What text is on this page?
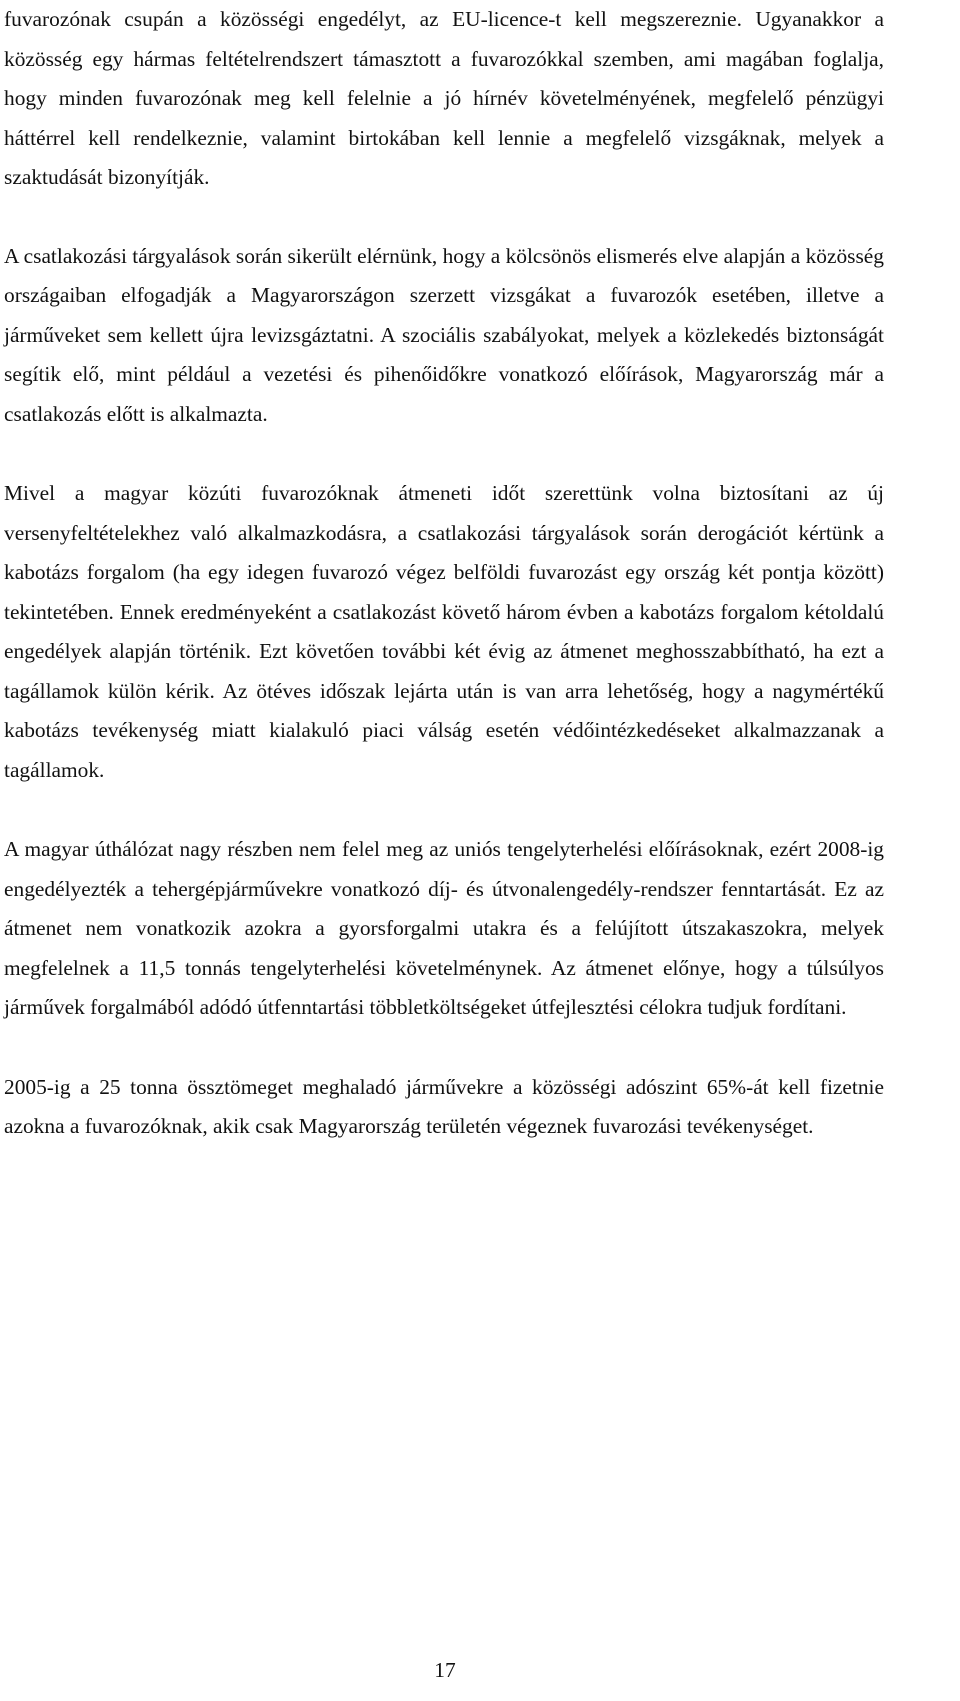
fuvarozónak csupán a közösségi engedélyt, az EU-licence-t kell megszereznie. Ugyanakkor a közösség egy hármas feltételrendszert támasztott a fuvarozókkal szemben, ami magában foglalja, hogy minden fuvarozónak meg kell felelnie a jó hírnév követelményének, megfelelő pénzügyi háttérrel kell rendelkeznie, valamint birtokában kell lennie a megfelelő vizsgáknak, melyek a szaktudását bizonyítják.

A csatlakozási tárgyalások során sikerült elérnünk, hogy a kölcsönös elismerés elve alapján a közösség országaiban elfogadják a Magyarországon szerzett vizsgákat a fuvarozók esetében, illetve a járműveket sem kellett újra levizsgáztatni. A szociális szabályokat, melyek a közlekedés biztonságát segítik elő, mint például a vezetési és pihenőidőkre vonatkozó előírások, Magyarország már a csatlakozás előtt is alkalmazta.

Mivel a magyar közúti fuvarozóknak átmeneti időt szerettünk volna biztosítani az új versenyfeltételekhez való alkalmazkodásra, a csatlakozási tárgyalások során derogációt kértünk a kabotázs forgalom (ha egy idegen fuvarozó végez belföldi fuvarozást egy ország két pontja között) tekintetében. Ennek eredményeként a csatlakozást követő három évben a kabotázs forgalom kétoldalú engedélyek alapján történik. Ezt követően további két évig az átmenet meghosszabbítható, ha ezt a tagállamok külön kérik. Az ötéves időszak lejárta után is van arra lehetőség, hogy a nagymértékű kabotázs tevékenység miatt kialakuló piaci válság esetén védőintézkedéseket alkalmazzanak a tagállamok.

A magyar úthálózat nagy részben nem felel meg az uniós tengelyterhelési előírásoknak, ezért 2008-ig engedélyezték a tehergépjárművekre vonatkozó díj- és útvonalengedély-rendszer fenntartását. Ez az átmenet nem vonatkozik azokra a gyorsforgalmi utakra és a felújított útszakaszokra, melyek megfelelnek a 11,5 tonnás tengelyterhelési követelménynek. Az átmenet előnye, hogy a túlsúlyos járművek forgalmából adódó útfenntartási többletköltségeket útfejlesztési célokra tudjuk fordítani.

2005-ig a 25 tonna össztömeget meghaladó járművekre a közösségi adószint 65%-át kell fizetnie azokna a fuvarozóknak, akik csak Magyarország területén végeznek fuvarozási tevékenységet.

17
